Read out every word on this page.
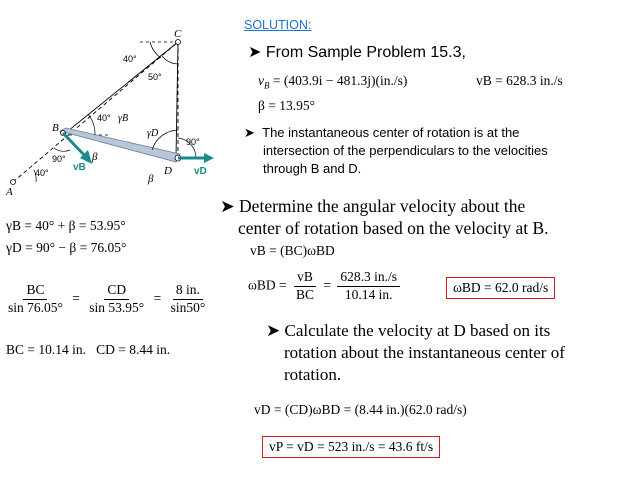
A
B
C
D
vB	vD
40°
50°
40° γB
γD
90°
β
β
90°
40°
SOLUTION:
➤ From Sample Problem 15.3,
$v_B = (403.9i - 481.3j)(in./s)$	vB = 628.3 in./s
β = 13.95°
➤ The instantaneous center of rotation is at the
intersection of the perpendiculars to the velocities
through B and D.
➤ Determine the angular velocity about the
center of rotation based on the velocity at B.
γB = 40° + β = 53.95°
γD = 90° − β = 76.05°
$\frac{BC}{\sin 76.05^\circ} = \frac{CD}{\sin 53.95^\circ} = \frac{8 in.}{\sin 50^\circ}$
BC = 10.14 in.   CD = 8.44 in.
vB = (BC)ωBD
$\omega BD = \frac{vB}{BC} = \frac{628.3 in./s}{10.14 in.}$	ωBD = 62.0 rad/s
➤ Calculate the velocity at D based on its
rotation about the instantaneous center of
rotation.
vD = (CD)ωBD = (8.44 in.)(62.0 rad/s)
vP = vD = 523 in./s = 43.6 ft/s
